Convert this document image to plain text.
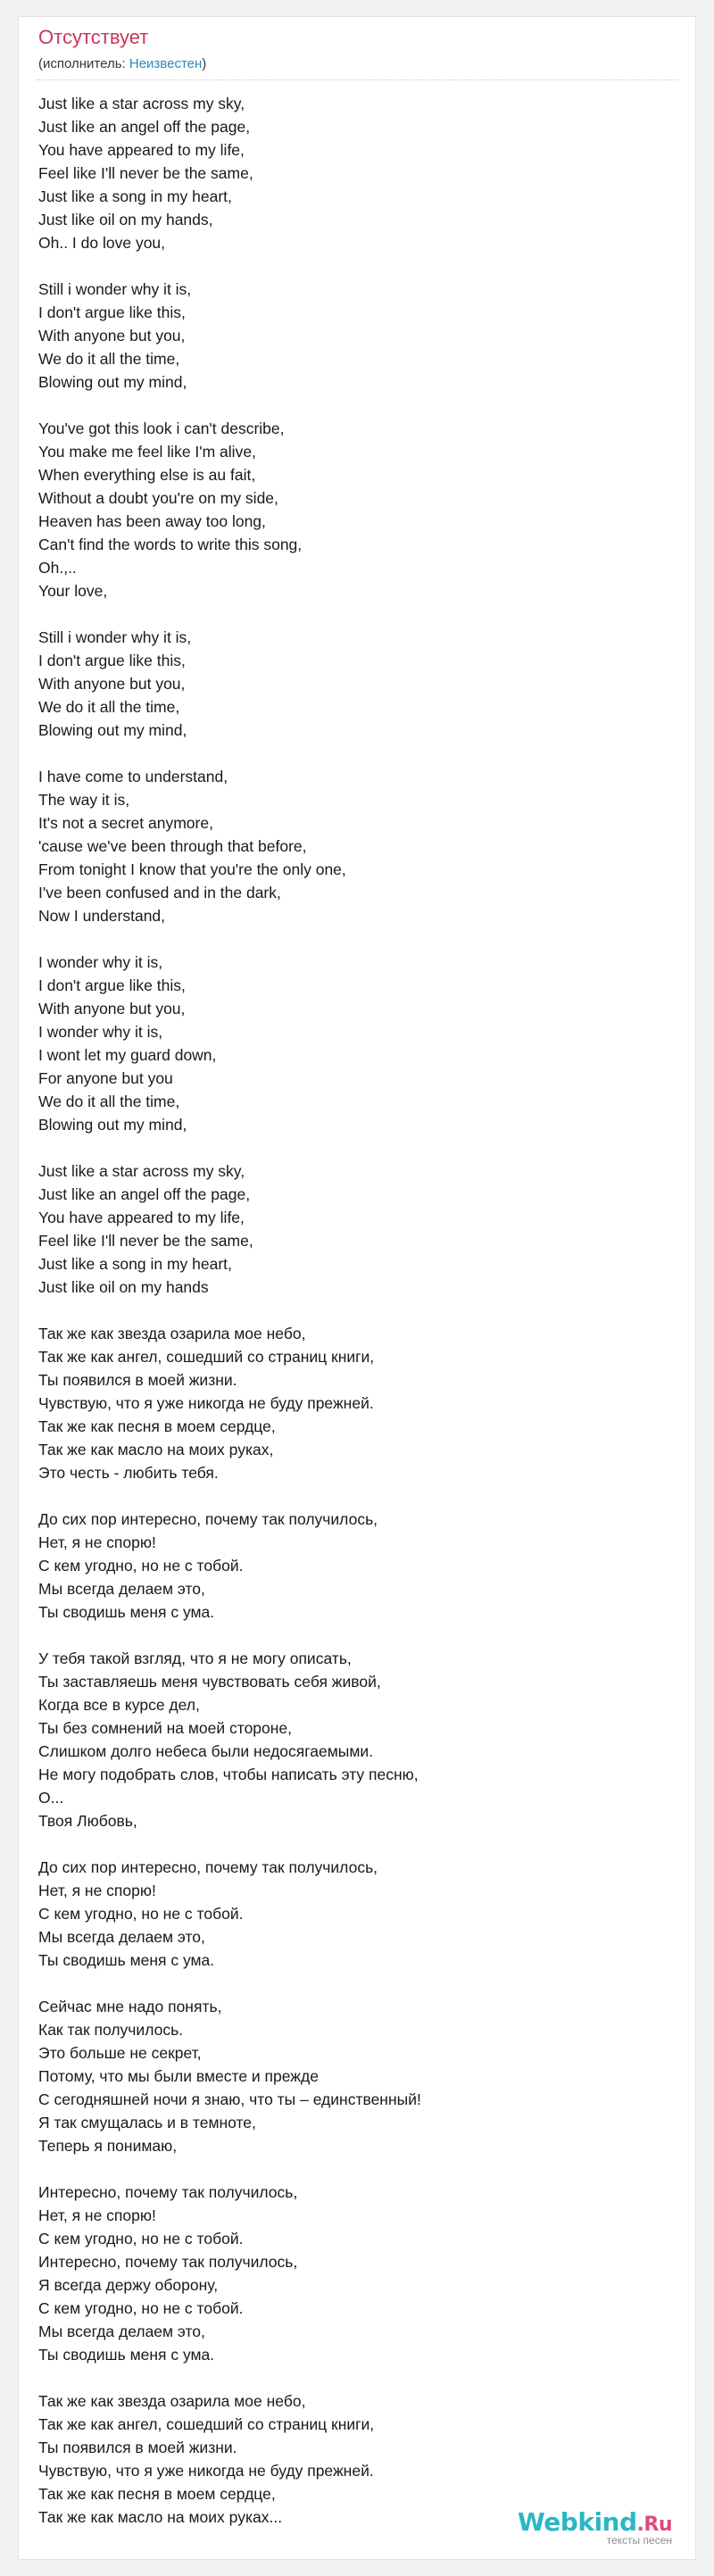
Отсутствует
(исполнитель: Неизвестен)
Just like a star across my sky,
Just like an angel off the page,
You have appeared to my life,
Feel like I'll never be the same,
Just like a song in my heart,
Just like oil on my hands,
Oh.. I do love you,
Still i wonder why it is,
I don't argue like this,
With anyone but you,
We do it all the time,
Blowing out my mind,
You've got this look i can't describe,
You make me feel like I'm alive,
When everything else is au fait,
Without a doubt you're on my side,
Heaven has been away too long,
Can't find the words to write this song,
Oh.,..
Your love,
Still i wonder why it is,
I don't argue like this,
With anyone but you,
We do it all the time,
Blowing out my mind,
I have come to understand,
The way it is,
It's not a secret anymore,
'cause we've been through that before,
From tonight I know that you're the only one,
I've been confused and in the dark,
Now I understand,
I wonder why it is,
I don't argue like this,
With anyone but you,
I wonder why it is,
I wont let my guard down,
For anyone but you
We do it all the time,
Blowing out my mind,
Just like a star across my sky,
Just like an angel off the page,
You have appeared to my life,
Feel like I'll never be the same,
Just like a song in my heart,
Just like oil on my hands
Так же как звезда озарила мое небо,
Так же как ангел, сошедший со страниц книги,
Ты появился в моей жизни.
Чувствую, что я уже никогда не буду прежней.
Так же как песня в моем сердце,
Так же как масло на моих руках,
Это честь - любить тебя.
До сих пор интересно, почему так получилось,
Нет, я не спорю!
С кем угодно, но не с тобой.
Мы всегда делаем это,
Ты сводишь меня с ума.
У тебя такой взгляд, что я не могу описать,
Ты заставляешь меня чувствовать себя живой,
Когда все в курсе дел,
Ты без сомнений на моей стороне,
Слишком долго небеса были недосягаемыми.
Не могу подобрать слов, чтобы написать эту песню,
О...
Твоя Любовь,
До сих пор интересно, почему так получилось,
Нет, я не спорю!
С кем угодно, но не с тобой.
Мы всегда делаем это,
Ты сводишь меня с ума.
Сейчас мне надо понять,
Как так получилось.
Это больше не секрет,
Потому, что мы были вместе и прежде
С сегодняшней ночи я знаю, что ты – единственный!
Я так смущалась и в темноте,
Теперь я понимаю,
Интересно, почему так получилось,
Нет, я не спорю!
С кем угодно, но не с тобой.
Интересно, почему так получилось,
Я всегда держу оборону,
С кем угодно, но не с тобой.
Мы всегда делаем это,
Ты сводишь меня с ума.
Так же как звезда озарила мое небо,
Так же как ангел, сошедший со страниц книги,
Ты появился в моей жизни.
Чувствую, что я уже никогда не буду прежней.
Так же как песня в моем сердце,
Так же как масло на моих руках...	Webkind.Ru
тексты песен
